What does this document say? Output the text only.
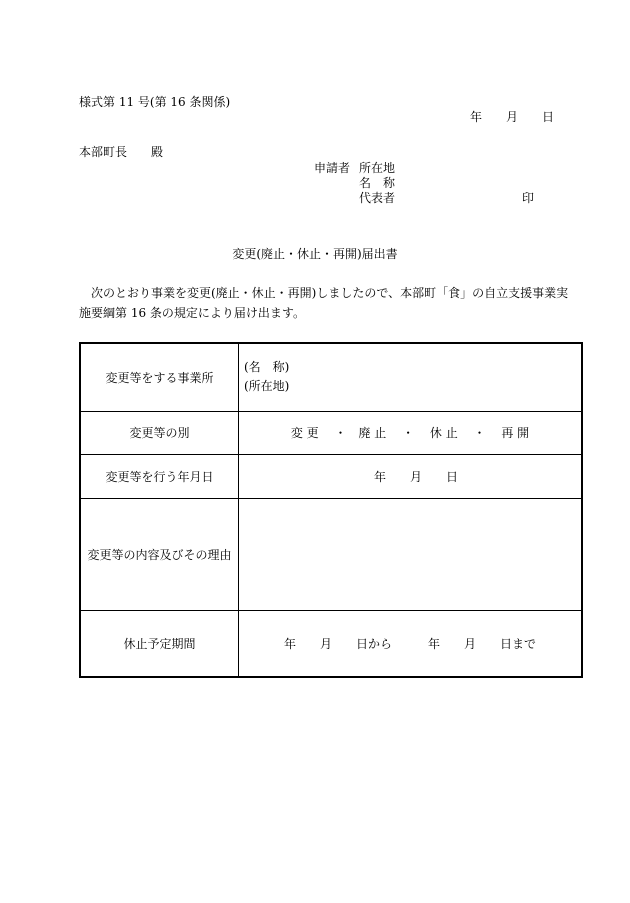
様式第 11 号(第 16 条関係)
年　　月　　日
本部町長　　殿
申請者 所在地
名　称
代表者	印
変更(廃止・休止・再開)届出書
次のとおり事業を変更(廃止・休止・再開)しましたので、本部町「食」の自立支援事業実
施要綱第 16 条の規定により届け出ます。
変更等をする事業所	(名　称)
(所在地)

変更等の別	変 更　 ・　廃 止　 ・　 休 止　 ・　 再 開
変更等を行う年月日	年　　月　　日
変更等の内容及びその理由	
休止予定期間	年　　月　　日から　　　年　　月　　日まで
